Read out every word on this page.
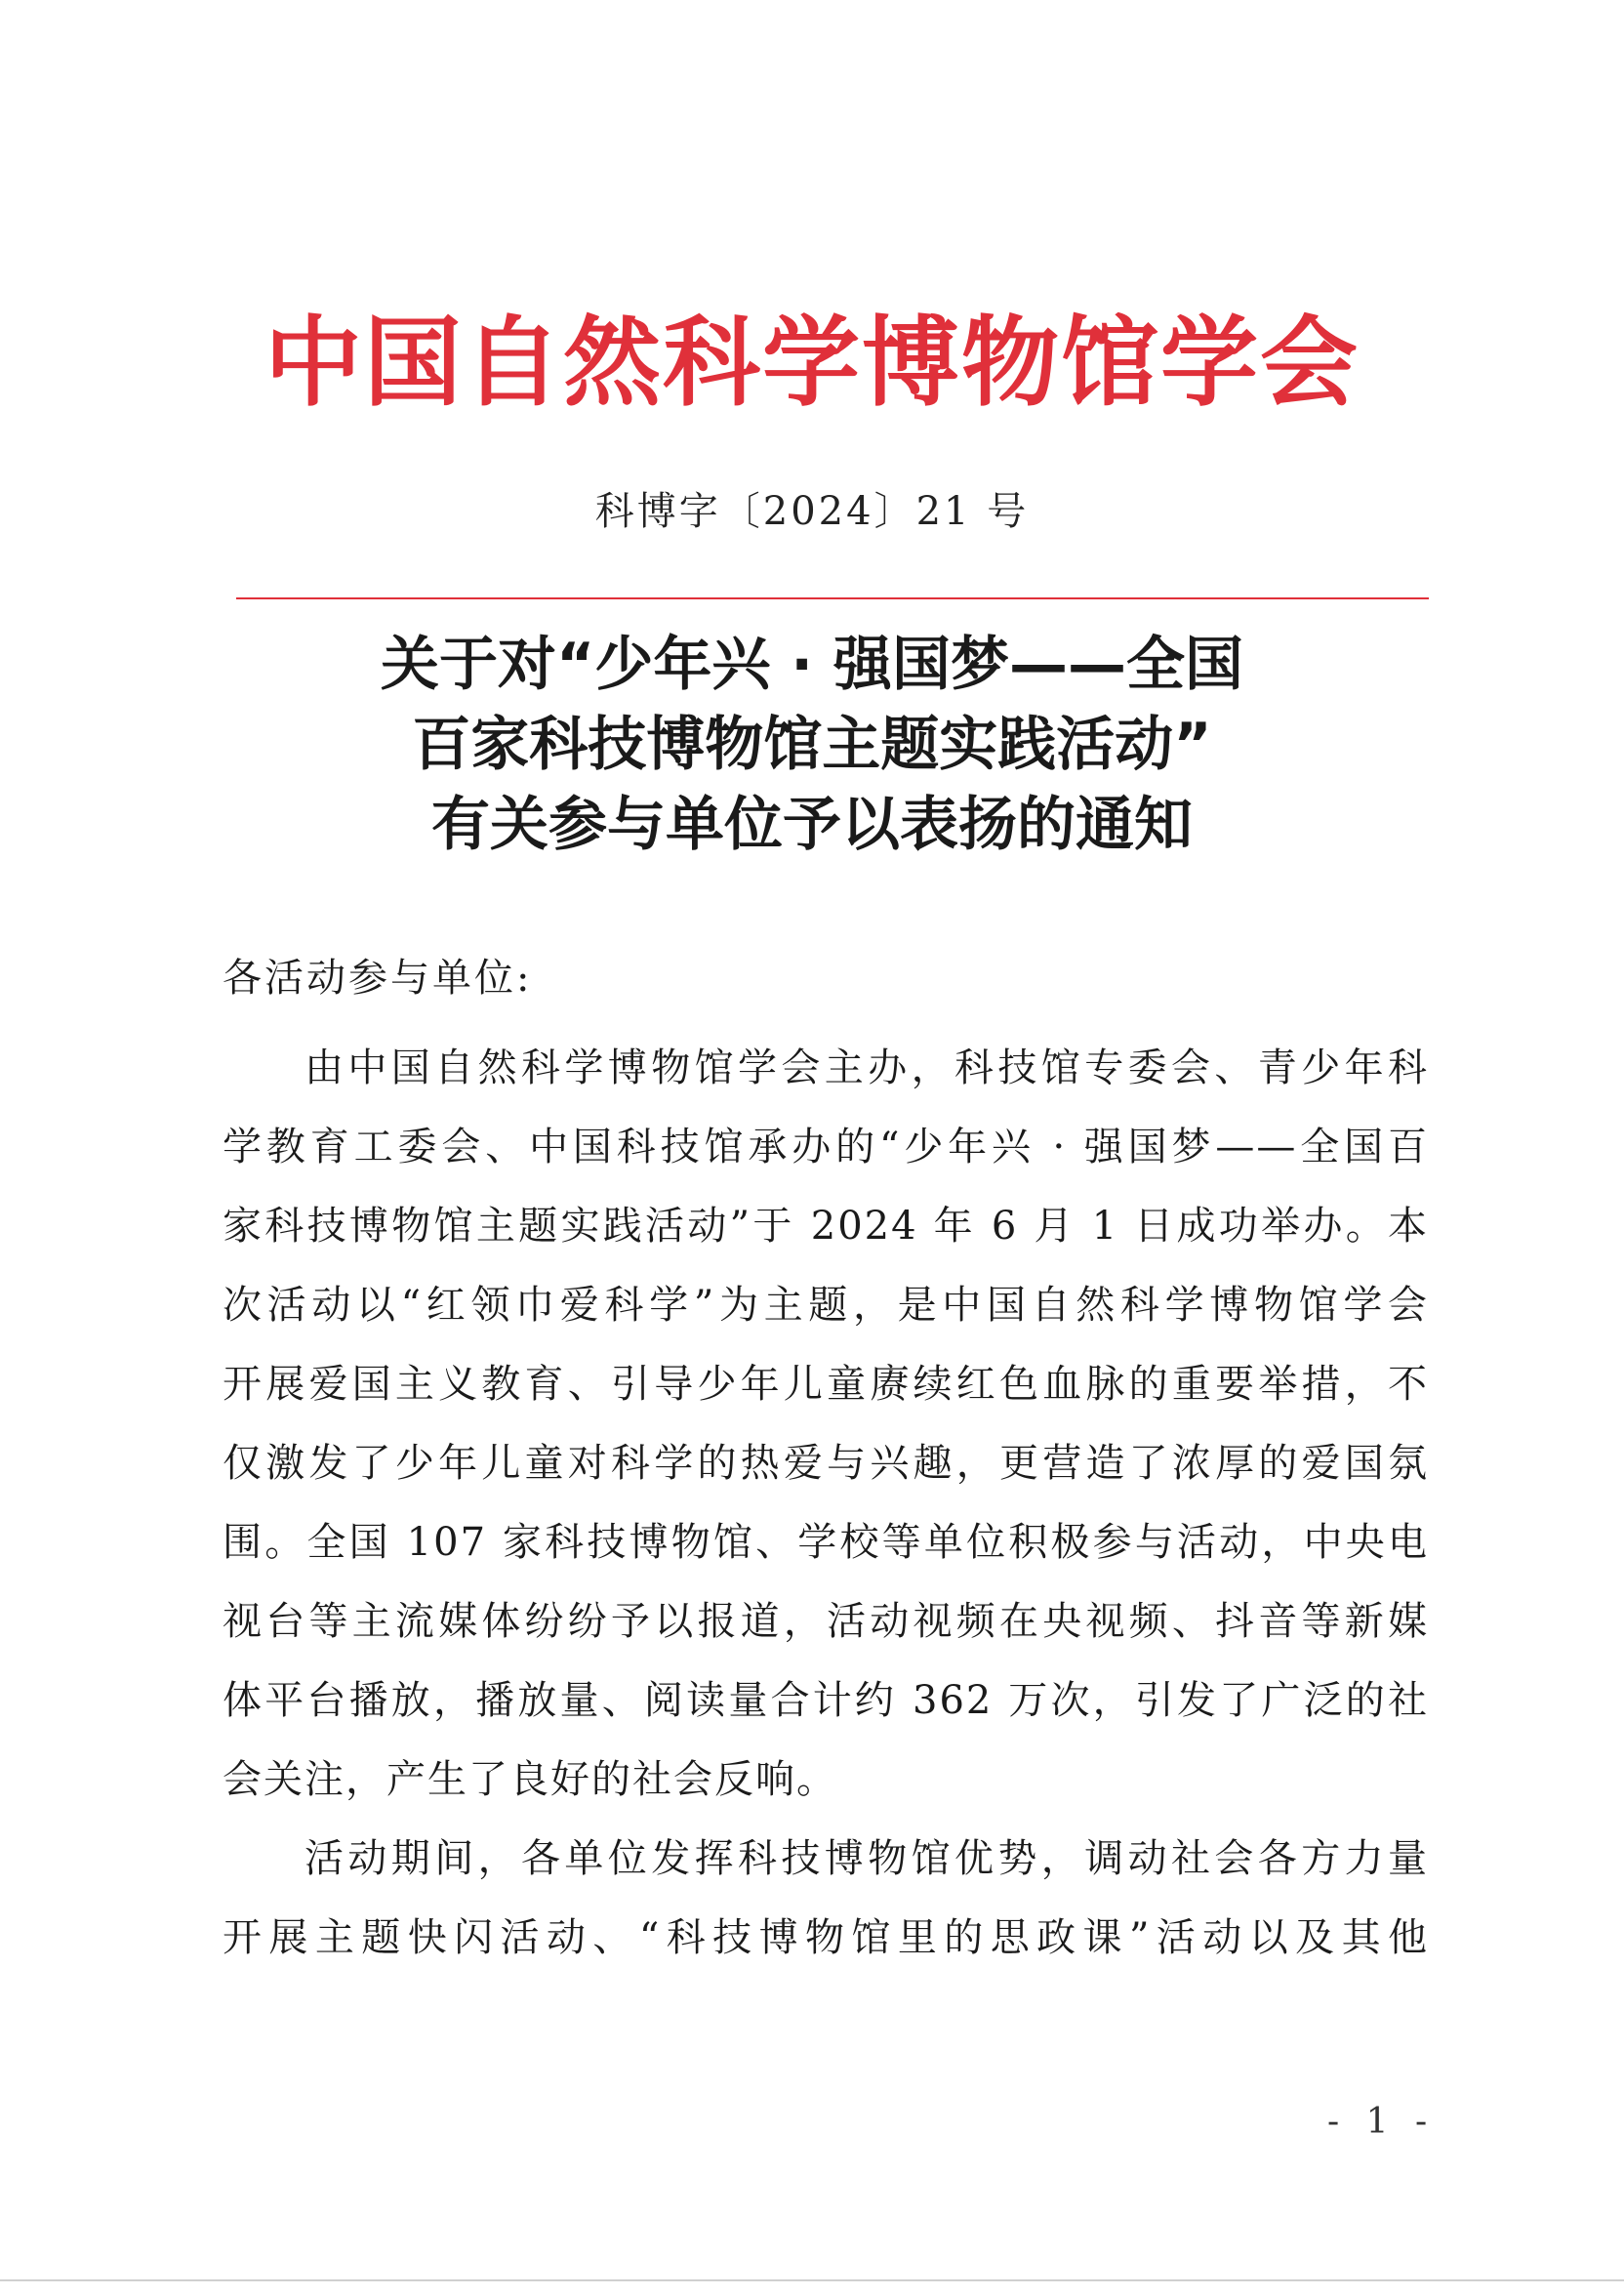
中国自然科学博物馆学会
科博字〔2024〕21 号
关于对“少年兴 · 强国梦——全国
百家科技博物馆主题实践活动”
有关参与单位予以表扬的通知
各活动参与单位:
由中国自然科学博物馆学会主办，科技馆专委会、青少年科
学教育工委会、中国科技馆承办的“少年兴 · 强国梦——全国百
家科技博物馆主题实践活动”于 2024 年 6 月 1 日成功举办。本
次活动以“红领巾爱科学”为主题，是中国自然科学博物馆学会
开展爱国主义教育、引导少年儿童赓续红色血脉的重要举措，不
仅激发了少年儿童对科学的热爱与兴趣，更营造了浓厚的爱国氛
围。全国 107 家科技博物馆、学校等单位积极参与活动，中央电
视台等主流媒体纷纷予以报道，活动视频在央视频、抖音等新媒
体平台播放，播放量、阅读量合计约 362 万次，引发了广泛的社
会关注，产生了良好的社会反响。
活动期间，各单位发挥科技博物馆优势，调动社会各方力量
开展主题快闪活动、“科技博物馆里的思政课”活动以及其他
- 1 -
